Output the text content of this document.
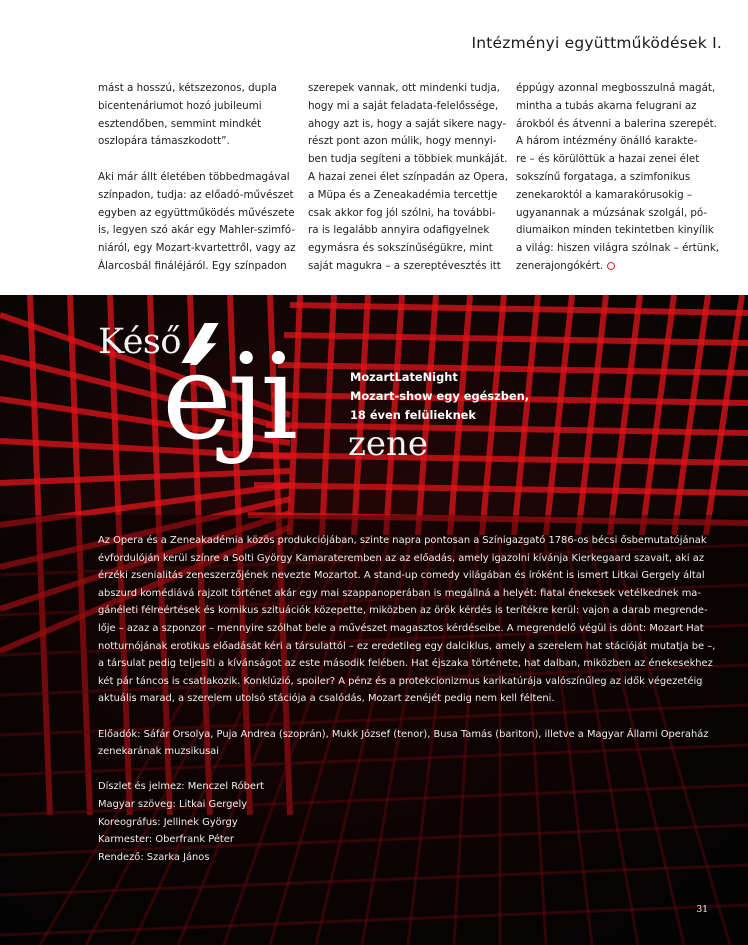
Intézményi együttműködések I.

mást a hosszú, kétszezonos, dupla
bicentenáriumot hozó jubileumi
esztendőben, semmint mindkét
oszlopára támaszkodott”.

Aki már állt életében többedmagával
színpadon, tudja: az előadó-művészet
egyben az együttműködés művészete
is, legyen szó akár egy Mahler-szimfó-
niáról, egy Mozart-kvartettről, vagy az
Álarcosbál fináléjáról. Egy színpadon

szerepek vannak, ott mindenki tudja,
hogy mi a saját feladata-felelőssége,
ahogy azt is, hogy a saját sikere nagy-
részt pont azon múlik, hogy mennyi-
ben tudja segíteni a többiek munkáját.
A hazai zenei élet színpadán az Opera,
a Müpa és a Zeneakadémia tercettje
csak akkor fog jól szólni, ha további-
ra is legalább annyira odafigyelnek
egymásra és sokszínűségükre, mint
saját magukra – a szereptévesztés itt

éppúgy azonnal megbosszulná magát,
mintha a tubás akarna felugrani az
árokból és átvenni a balerina szerepét.
A három intézmény önálló karakte-
re – és körülöttük a hazai zenei élet
sokszínű forgataga, a szimfonikus
zenekaroktól a kamarakórusokig –
ugyanannak a múzsának szolgál, pó-
diumaikon minden tekintetben kinyílik
a világ: hiszen világra szólnak – értünk,
zenerajongókért.

Késő
éji zene
MozartLateNight
Mozart-show egy egészben,
18 éven felülieknek

Az Opera és a Zeneakadémia közös produkciójában, szinte napra pontosan a Színigazgató 1786-os bécsi ősbemutatójának
évfordulóján kerül színre a Solti György Kamarateremben az az előadás, amely igazolni kívánja Kierkegaard szavait, aki az
érzéki zsenialitás zeneszerzőjének nevezte Mozartot. A stand-up comedy világában és íróként is ismert Litkai Gergely által
abszurd komédiává rajzolt történet akár egy mai szappanoperában is megállná a helyét: fiatal énekesek vetélkednek ma-
gánéleti félreértések és komikus szituációk közepette, miközben az örök kérdés is terítékre kerül: vajon a darab megrende-
lője – azaz a szponzor – mennyire szólhat bele a művészet magasztos kérdéseibe. A megrendelő végül is dönt: Mozart Hat
notturnójának erotikus előadását kéri a társulattól – ez eredetileg egy dalciklus, amely a szerelem hat stációját mutatja be –,
a társulat pedig teljesíti a kívánságot az este második felében. Hat éjszaka története, hat dalban, miközben az énekesekhez
két pár táncos is csatlakozik. Konklúzió, spoiler? A pénz és a protekcionizmus karikatúrája valószínűleg az idők végezetéig
aktuális marad, a szerelem utolsó stációja a csalódás, Mozart zenéjét pedig nem kell félteni.

Előadók: Sáfár Orsolya, Puja Andrea (szoprán), Mukk József (tenor), Busa Tamás (bariton), illetve a Magyar Állami Operaház
zenekarának muzsikusai

Díszlet és jelmez: Menczel Róbert
Magyar szöveg: Litkai Gergely
Koreográfus: Jellinek György
Karmester: Oberfrank Péter
Rendező: Szarka János

31
